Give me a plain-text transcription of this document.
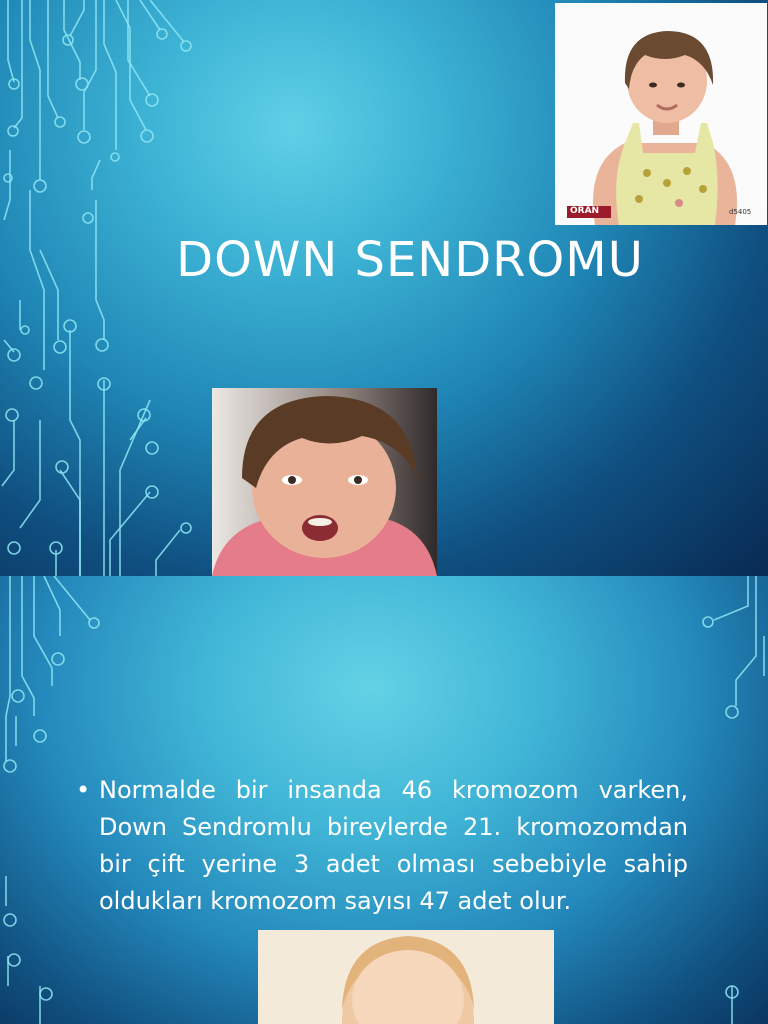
ORAN	d5405
DOWN SENDROMU
• Normalde bir insanda 46 kromozom varken, Down Sendromlu bireylerde 21. kromozomdan bir çift yerine 3 adet olması sebebiyle sahip oldukları kromozom sayısı 47 adet olur.
